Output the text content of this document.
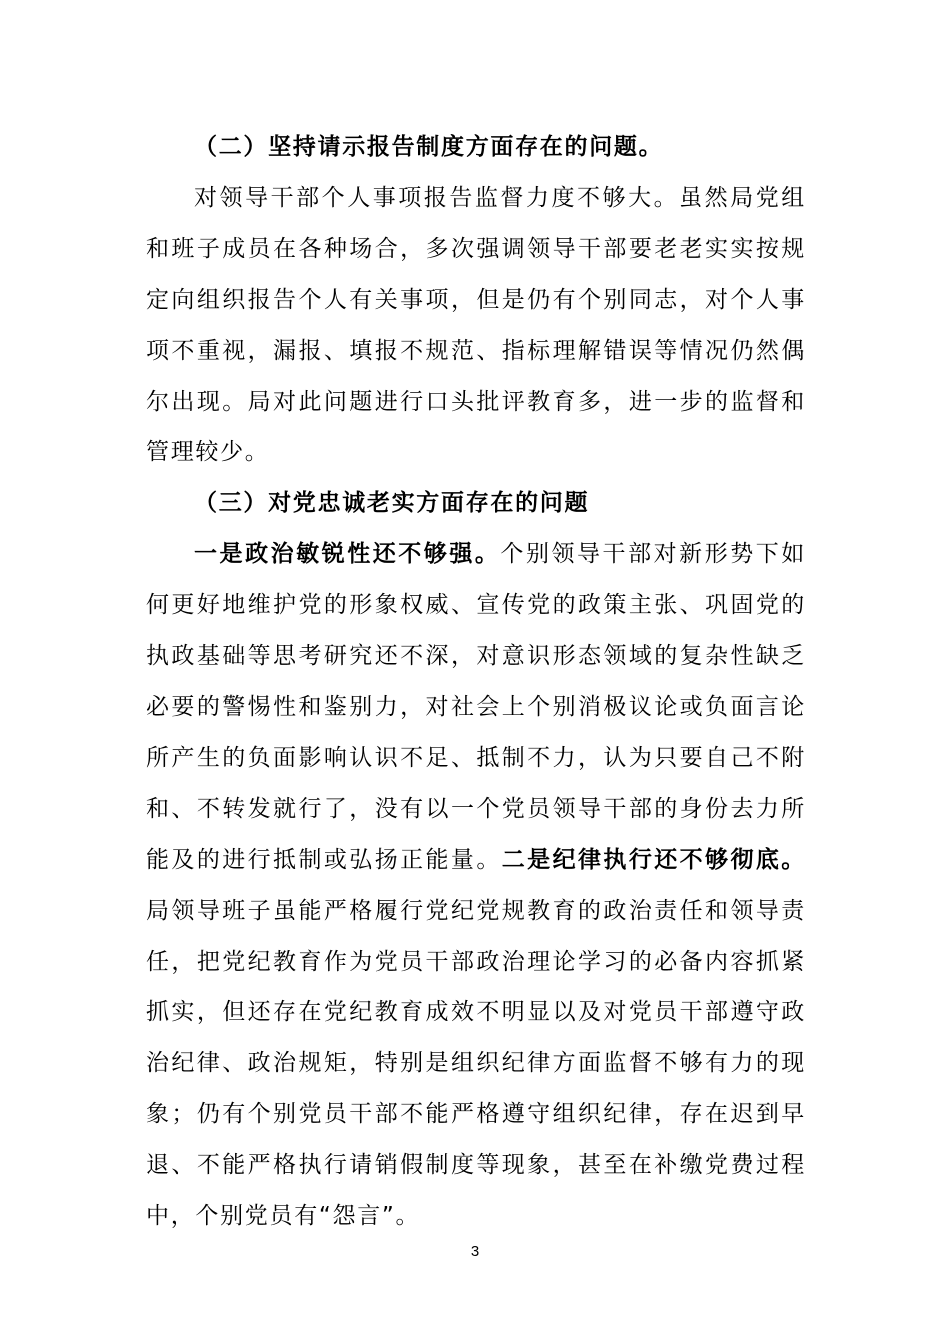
（二）坚持请示报告制度方面存在的问题。

对领导干部个人事项报告监督力度不够大。虽然局党组和班子成员在各种场合，多次强调领导干部要老老实实按规定向组织报告个人有关事项，但是仍有个别同志，对个人事项不重视，漏报、填报不规范、指标理解错误等情况仍然偶尔出现。局对此问题进行口头批评教育多，进一步的监督和管理较少。

（三）对党忠诚老实方面存在的问题

一是政治敏锐性还不够强。个别领导干部对新形势下如何更好地维护党的形象权威、宣传党的政策主张、巩固党的执政基础等思考研究还不深，对意识形态领域的复杂性缺乏必要的警惕性和鉴别力，对社会上个别消极议论或负面言论所产生的负面影响认识不足、抵制不力，认为只要自己不附和、不转发就行了，没有以一个党员领导干部的身份去力所能及的进行抵制或弘扬正能量。二是纪律执行还不够彻底。局领导班子虽能严格履行党纪党规教育的政治责任和领导责任，把党纪教育作为党员干部政治理论学习的必备内容抓紧抓实，但还存在党纪教育成效不明显以及对党员干部遵守政治纪律、政治规矩，特别是组织纪律方面监督不够有力的现象；仍有个别党员干部不能严格遵守组织纪律，存在迟到早退、不能严格执行请销假制度等现象，甚至在补缴党费过程中，个别党员有“怨言”。

3
